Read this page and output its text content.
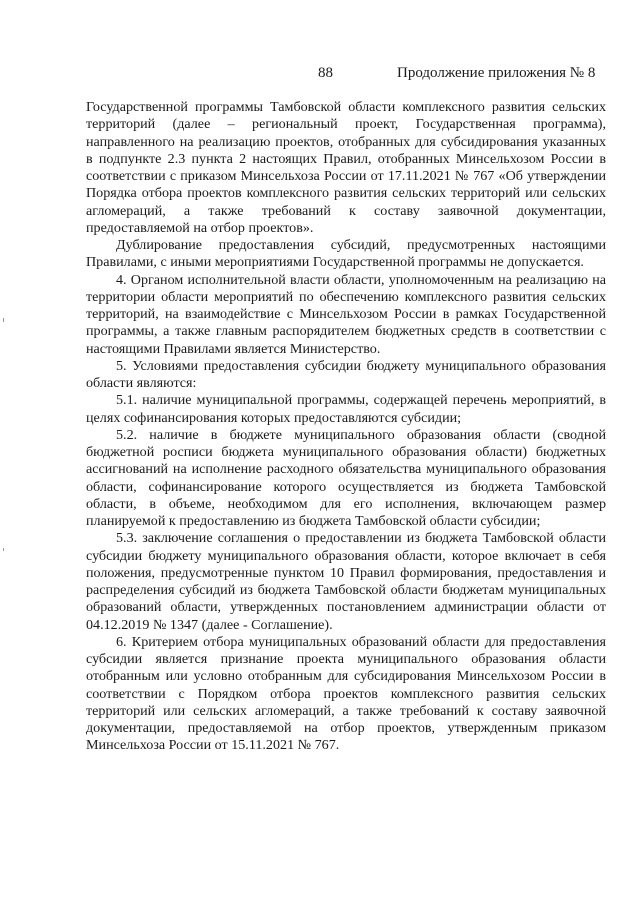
88	Продолжение приложения № 8

Государственной программы Тамбовской области комплексного развития сельских территорий (далее – региональный проект, Государственная программа), направленного на реализацию проектов, отобранных для субсидирования указанных в подпункте 2.3 пункта 2 настоящих Правил, отобранных Минсельхозом России в соответствии с приказом Минсельхоза России от 17.11.2021 № 767 «Об утверждении Порядка отбора проектов комплексного развития сельских территорий или сельских агломераций, а также требований к составу заявочной документации, предоставляемой на отбор проектов».

Дублирование предоставления субсидий, предусмотренных настоящими Правилами, с иными мероприятиями Государственной программы не допускается.

4. Органом исполнительной власти области, уполномоченным на реализацию на территории области мероприятий по обеспечению комплексного развития сельских территорий, на взаимодействие с Минсельхозом России в рамках Государственной программы, а также главным распорядителем бюджетных средств в соответствии с настоящими Правилами является Министерство.

5. Условиями предоставления субсидии бюджету муниципального образования области являются:

5.1. наличие муниципальной программы, содержащей перечень мероприятий, в целях софинансирования которых предоставляются субсидии;

5.2. наличие в бюджете муниципального образования области (сводной бюджетной росписи бюджета муниципального образования области) бюджетных ассигнований на исполнение расходного обязательства муниципального образования области, софинансирование которого осуществляется из бюджета Тамбовской области, в объеме, необходимом для его исполнения, включающем размер планируемой к предоставлению из бюджета Тамбовской области субсидии;

5.3. заключение соглашения о предоставлении из бюджета Тамбовской области субсидии бюджету муниципального образования области, которое включает в себя положения, предусмотренные пунктом 10 Правил формирования, предоставления и распределения субсидий из бюджета Тамбовской области бюджетам муниципальных образований области, утвержденных постановлением администрации области от 04.12.2019 № 1347 (далее - Соглашение).

6. Критерием отбора муниципальных образований области для предоставления субсидии является признание проекта муниципального образования области отобранным или условно отобранным для субсидирования Минсельхозом России в соответствии с Порядком отбора проектов комплексного развития сельских территорий или сельских агломераций, а также требований к составу заявочной документации, предоставляемой на отбор проектов, утвержденным приказом Минсельхоза России от 15.11.2021 № 767.
